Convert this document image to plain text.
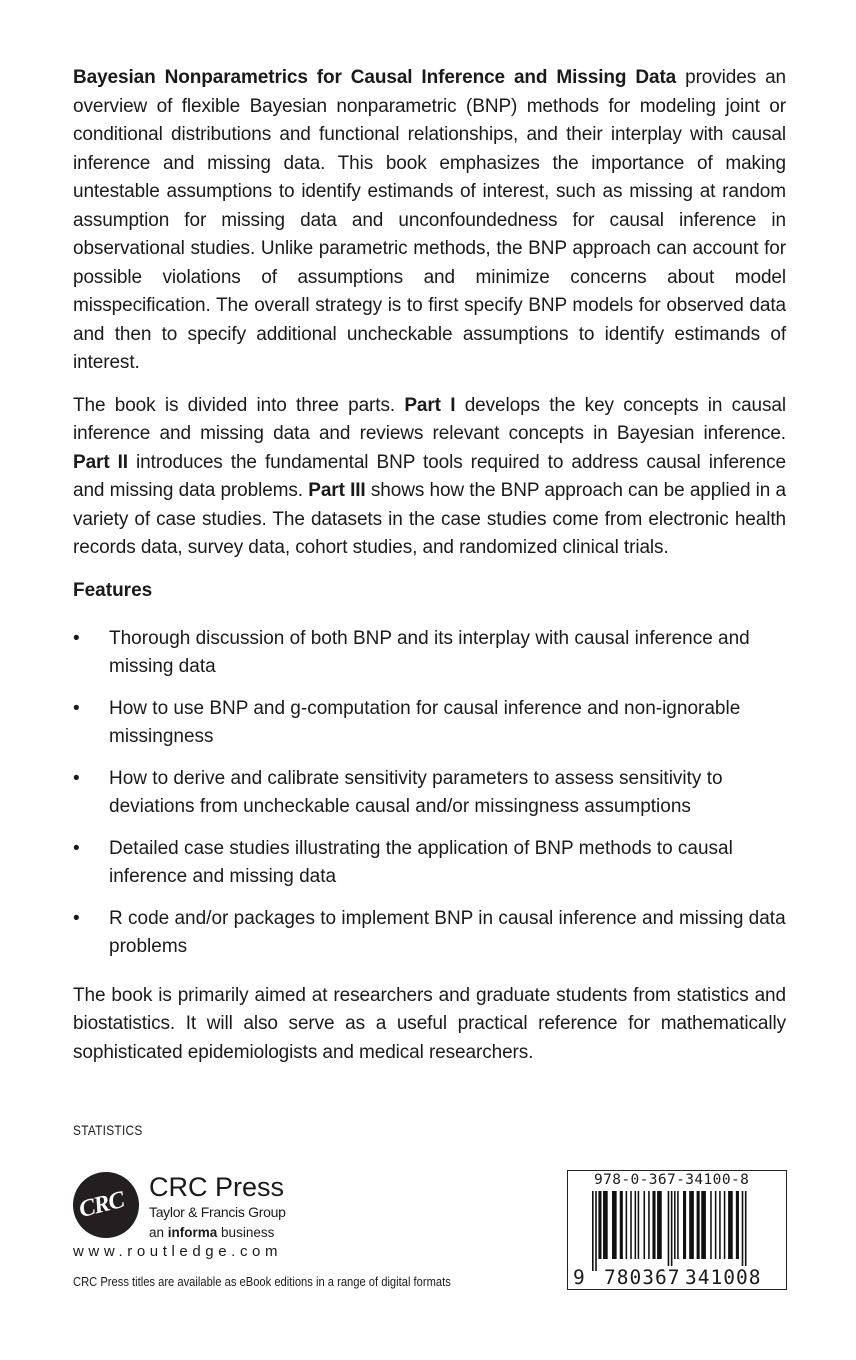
Bayesian Nonparametrics for Causal Inference and Missing Data provides an overview of flexible Bayesian nonparametric (BNP) methods for modeling joint or conditional distributions and functional relationships, and their interplay with causal inference and missing data. This book emphasizes the importance of making untestable assumptions to identify estimands of interest, such as missing at random assumption for missing data and unconfoundedness for causal inference in observational studies. Unlike parametric methods, the BNP approach can account for possible violations of assumptions and minimize concerns about model misspecification. The overall strategy is to first specify BNP models for observed data and then to specify additional uncheckable assumptions to identify estimands of interest.

The book is divided into three parts. Part I develops the key concepts in causal inference and missing data and reviews relevant concepts in Bayesian inference. Part II introduces the fundamental BNP tools required to address causal inference and missing data problems. Part III shows how the BNP approach can be applied in a variety of case studies. The datasets in the case studies come from electronic health records data, survey data, cohort studies, and randomized clinical trials.

Features
• Thorough discussion of both BNP and its interplay with causal inference and missing data
• How to use BNP and g-computation for causal inference and non-ignorable missingness
• How to derive and calibrate sensitivity parameters to assess sensitivity to deviations from uncheckable causal and/or missingness assumptions
• Detailed case studies illustrating the application of BNP methods to causal inference and missing data
• R code and/or packages to implement BNP in causal inference and missing data problems

The book is primarily aimed at researchers and graduate students from statistics and biostatistics. It will also serve as a useful practical reference for mathematically sophisticated epidemiologists and medical researchers.

STATISTICS
CRC CRC Press
Taylor & Francis Group
an informa business
www.routledge.com
CRC Press titles are available as eBook editions in a range of digital formats
978-0-367-34100-8
9 780367 341008
